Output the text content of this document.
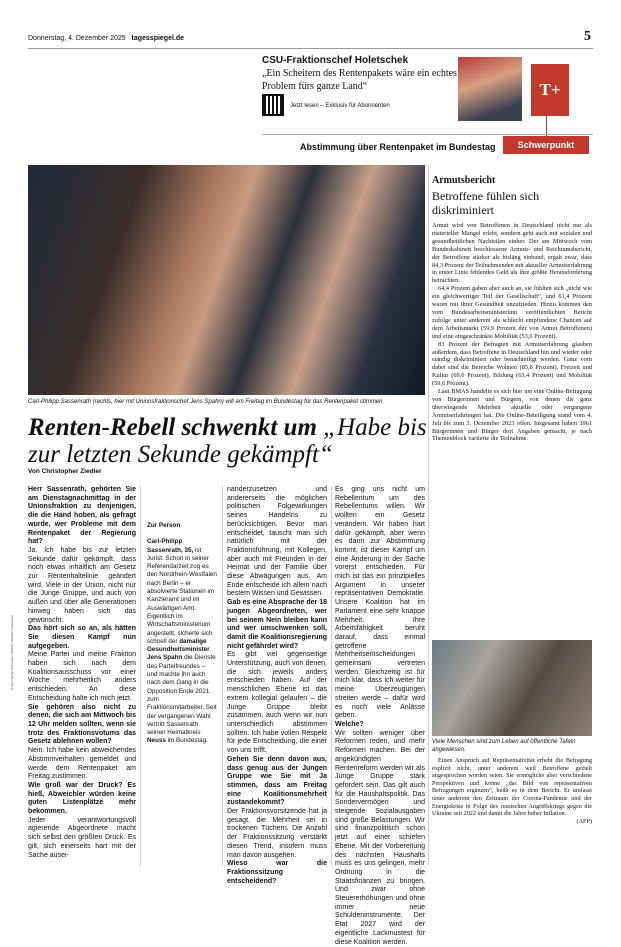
Donnerstag, 4. Dezember 2025 tagesspiegel.de	5
CSU-Fraktionschef Holetschek
„Ein Scheitern des Rentenpakets wäre ein echtes Problem fürs ganze Land“
Jetzt lesen – Exklusiv für Abonnenten
T+
Abstimmung über Rentenpaket im Bundestag	Schwerpunkt
Carl-Philipp Sassenrath (rechts, hier mit Unionsfraktionschef Jens Spahn) will am Freitag im Bundestag für das Rentenpaket stimmen.
Renten-Rebell schwenkt um „Habe bis zur letzten Sekunde gekämpft“
Von Christopher Ziedler

Herr Sassenrath, gehörten Sie am Dienstagnachmittag in der Unionsfraktion zu denjenigen, die die Hand hoben, als gefragt wurde, wer Probleme mit dem Rentenpaket der Regierung hat?

Ja. Ich habe bis zur letzten Sekunde dafür gekämpft, dass noch etwas inhaltlich am Gesetz zur Rentenhaltelinie geändert wird. Viele in der Union, nicht nur die Junge Gruppe, und auch von außen und über alle Generationen hinweg haben sich das gewünscht.

Das hört sich so an, als hätten Sie diesen Kampf nun aufgegeben.

Meine Partei und meine Fraktion haben sich nach dem Koalitionsausschuss vor einer Woche mehrheitlich anders entschieden. An diese Entscheidung halte ich mich jetzt.

Sie gehören also nicht zu denen, die sich am Mittwoch bis 12 Uhr melden sollten, wenn sie trotz des Fraktionsvotums das Gesetz ablehnen wollen?

Nein. Ich habe kein abweichendes Abstimmverhalten gemeldet und werde dem Rentenpaket am Freitag zustimmen.

Wie groß war der Druck? Es hieß, Abweichler würden keine guten Listenplätze mehr bekommen.

Jeder verantwortungsvoll agierende Abgeordnete macht sich selbst den größten Druck. Es gilt, sich einerseits hart mit der Sache ausei-

Zur Person

Carl-Philipp Sassenrath, 35, ist Jurist. Schon in seiner Referendarzeit zog es den Nordrhein-Westfalen nach Berlin – er absolvierte Stationen im Kanzleramt und im Auswärtigen Amt. Eigentlich im Wirtschaftsministerium angestellt, sicherte sich schnell der damalige Gesundheitsminister Jens Spahn die Dienste des Parteifreundes – und machte ihn auch nach dem Gang in die Opposition Ende 2021 zum Fraktionsmitarbeiter. Seit der vergangenen Wahl vertritt Sassenrath seinen Heimatkreis Neuss im Bundestag.

nanderzusetzen und andererseits die möglichen politischen Folgewirkungen seines Handelns zu berücksichtigen. Bevor man entscheidet, tauscht man sich natürlich mit der Fraktionsführung, mit Kollegen, aber auch mit Freunden in der Heimat und der Familie über diese Abwägungen aus. Am Ende entscheide ich allein nach bestem Wissen und Gewissen.

Gab es eine Absprache der 18 jungen Abgeordneten, wer bei seinem Nein bleiben kann und wer umschwenken soll, damit die Koalitionsregierung nicht gefährdet wird?

Es gibt viel gegenseitige Unterstützung, auch von denen, die sich jeweils anders entschieden haben. Auf der menschlichen Ebene ist das extrem kollegial gelaufen – die Junge Gruppe bleibt zusammen, auch wenn wir nun unterschiedlich abstimmen sollten. Ich habe vollen Respekt für jede Entscheidung, die einer von uns trifft.

Gehen Sie denn davon aus, dass genug aus der Jungen Gruppe wie Sie mit Ja stimmen, dass am Freitag eine Koalitionsmehrheit zustandekommt?

Der Fraktionsvorsitzende hat ja gesagt, die Mehrheit sei in trockenen Tüchern. Die Anzahl der Fraktionssitzung verstärkt diesen Trend, insofern muss man davon ausgehen.

Wieso war die Fraktionssitzung entscheidend?

Es ging uns nicht um Rebellentum um des Rebellentums willen. Wir wollten ein Gesetz verändern. Wir haben hart dafür gekämpft, aber wenn es dann zur Abstimmung kommt, ist dieser Kampf um eine Änderung in der Sache vorerst entschieden. Für mich ist das ein prinzipielles Argument in unserer repräsentativen Demokratie. Unsere Koalition hat im Parlament eine sehr knappe Mehrheit. Ihre Arbeitsfähigkeit beruht darauf, dass einmal getroffene Mehrheitsentscheidungen gemeinsam vertreten werden. Gleichzeitig ist für mich klar, dass ich weiter für meine Überzeugungen streiten werde – dafür wird es noch viele Anlässe geben.

Welche?

Wir sollten weniger über Reformen reden, und mehr Reformen machen. Bei der angekündigten Rentenreform werden wir als Junge Gruppe stark gefordert sein. Das gilt auch für die Haushaltspolitik. Das Sondervermögen und steigende Sozialausgaben sind große Belastungen. Wir sind finanzpolitisch schon jetzt auf einer schiefen Ebene. Mit der Vorbereitung des nächsten Haushalts muss es uns gelingen, mehr Ordnung in die Staatsfinanzen zu bringen. Und zwar ohne Steuererhöhungen und ohne immer neue Schuldeninstrumente. Der Etat 2027 wird der eigentliche Lackmustest für diese Koalition werden.

Armutsbericht
Betroffene fühlen sich diskriminiert

Armut wird von Betroffenen in Deutschland nicht nur als materieller Mangel erlebt, sondern geht auch mit sozialen und gesundheitlichen Nachteilen einher. Der am Mittwoch vom Bundeskabinett beschlossene Armuts- und Reichtumsbericht, der Betroffene stärker als bisläng einband, ergab zwar, dass 84,3 Prozent der Teilnehmenden mit aktueller Armutserfahrung in erster Linie fehlendes Geld als ihre größte Herausforderung betrachten.

64,4 Prozent gaben aber auch an, sie fühlten sich „nicht wie ein gleichwertiger Teil der Gesellschaft“, und 61,4 Prozent waren mit ihrer Gesundheit unzufrieden. Hinzu kommen den vom Bundesarbeitsministerium veröffentlichten Bericht zufolge unter anderem als schlecht empfundene Chancen auf dem Arbeitsmarkt (59,9 Prozent der von Armut Betroffenen) und eine eingeschränkte Mobilität (53,6 Prozent).

83 Prozent der Befragten mit Armutserfahrung glauben außerdem, dass Betroffene in Deutschland hin und wieder oder ständig diskriminiert oder benachteiligt werden. Ganz vorn dabei sind die Bereiche Wohnen (85,8 Prozent), Freizeit und Kultur (69,6 Prozent), Bildung (63,4 Prozent) und Mobilität (59,6 Prozent).

Laut BMAS handelte es sich hier um eine Online-Befragung von Bürgerinnen und Bürgern, von denen die ganz überwiegende Mehrheit aktuelle oder vergangene Armutserfahrungen hat. Die Online-Beteiligung stand vom 4. Juli bis zum 3. Dezember 2023 offen. Insgesamt haben 3961 Bürgerinnen und Bürger dort Angaben gemacht, je nach Themenblock variierte die Teilnahme.

Viele Menschen sind zum Leben auf öffentliche Tafeln angewiesen.

Einen Anspruch auf Repräsentativität erhebt die Befragung explizit nicht, unter anderem weil Betroffene gezielt angesprochen worden seien. Sie ermögliche aber verschiedene Perspektiven und könne „das Bild von repräsentativen Befragungen ergänzen“, heißt es in dem Bericht. Er umfasst unter anderem den Zeitraum der Corona-Pandemie und der Energiekrise in Folge des russischen Angriffskriegs gegen die Ukraine seit 2022 und damit die Jahre hoher Inflation.

(AFP)

© dpa / Stefan Schneider / IMAGO / IMAGO / Fotostand
